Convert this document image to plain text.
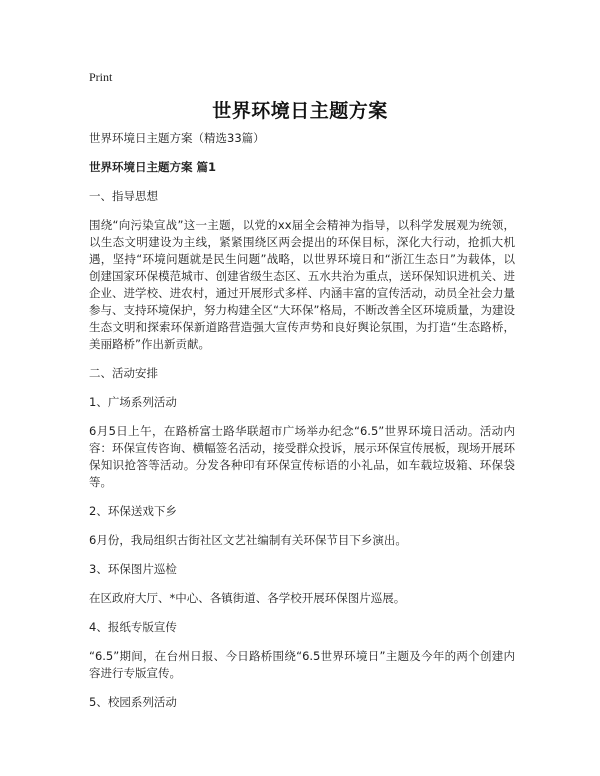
Print
世界环境日主题方案

世界环境日主题方案（精选33篇）

世界环境日主题方案 篇1

一、指导思想

围绕“向污染宣战”这一主题，以党的xx届全会精神为指导，以科学发展观为统领，以生态文明建设为主线，紧紧围绕区两会提出的环保目标，深化大行动，抢抓大机遇，坚持“环境问题就是民生问题”战略，以世界环境日和“浙江生态日”为载体，以创建国家环保模范城市、创建省级生态区、五水共治为重点，送环保知识进机关、进企业、进学校、进农村，通过开展形式多样、内涵丰富的宣传活动，动员全社会力量参与、支持环境保护，努力构建全区“大环保”格局，不断改善全区环境质量，为建设生态文明和探索环保新道路营造强大宣传声势和良好舆论氛围，为打造“生态路桥，美丽路桥”作出新贡献。

二、活动安排

1、广场系列活动

6月5日上午，在路桥富士路华联超市广场举办纪念“6.5”世界环境日活动。活动内容：环保宣传咨询、横幅签名活动，接受群众投诉，展示环保宣传展板，现场开展环保知识抢答等活动。分发各种印有环保宣传标语的小礼品，如车载垃圾箱、环保袋等。

2、环保送戏下乡

6月份，我局组织古街社区文艺社编制有关环保节目下乡演出。

3、环保图片巡检

在区政府大厅、*中心、各镇街道、各学校开展环保图片巡展。

4、报纸专版宣传

“6.5”期间，在台州日报、今日路桥围绕“6.5世界环境日”主题及今年的两个创建内容进行专版宣传。

5、校园系列活动
